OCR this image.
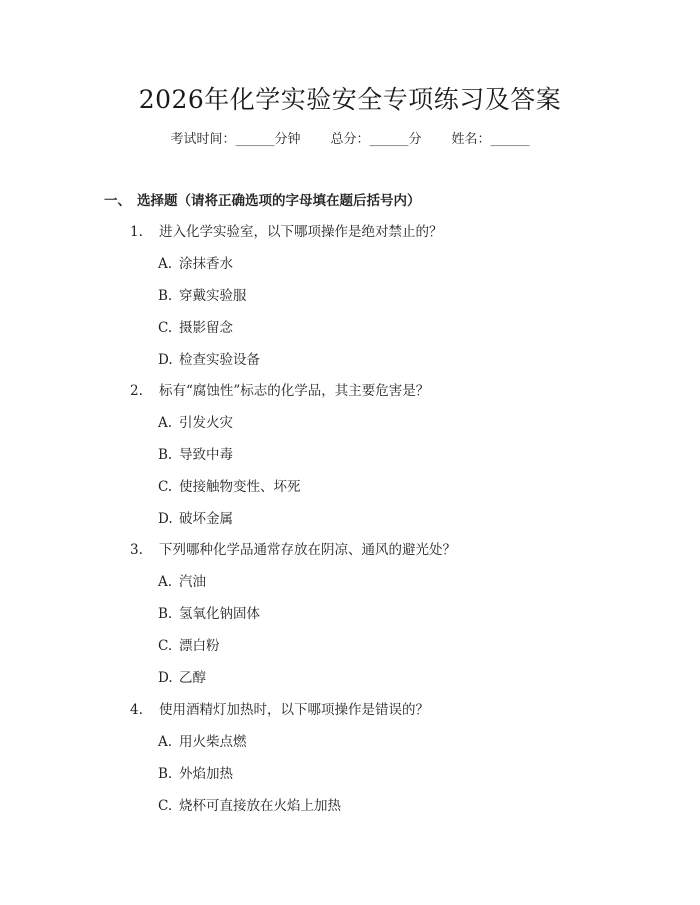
2026年化学实验安全专项练习及答案
考试时间：______分钟 总分：______分 姓名：______
一、 选择题（请将正确选项的字母填在题后括号内）
1. 进入化学实验室，以下哪项操作是绝对禁止的？
A. 涂抹香水
B. 穿戴实验服
C. 摄影留念
D. 检查实验设备
2. 标有“腐蚀性”标志的化学品，其主要危害是？
A. 引发火灾
B. 导致中毒
C. 使接触物变性、坏死
D. 破坏金属
3. 下列哪种化学品通常存放在阴凉、通风的避光处？
A. 汽油
B. 氢氧化钠固体
C. 漂白粉
D. 乙醇
4. 使用酒精灯加热时，以下哪项操作是错误的？
A. 用火柴点燃
B. 外焰加热
C. 烧杯可直接放在火焰上加热
